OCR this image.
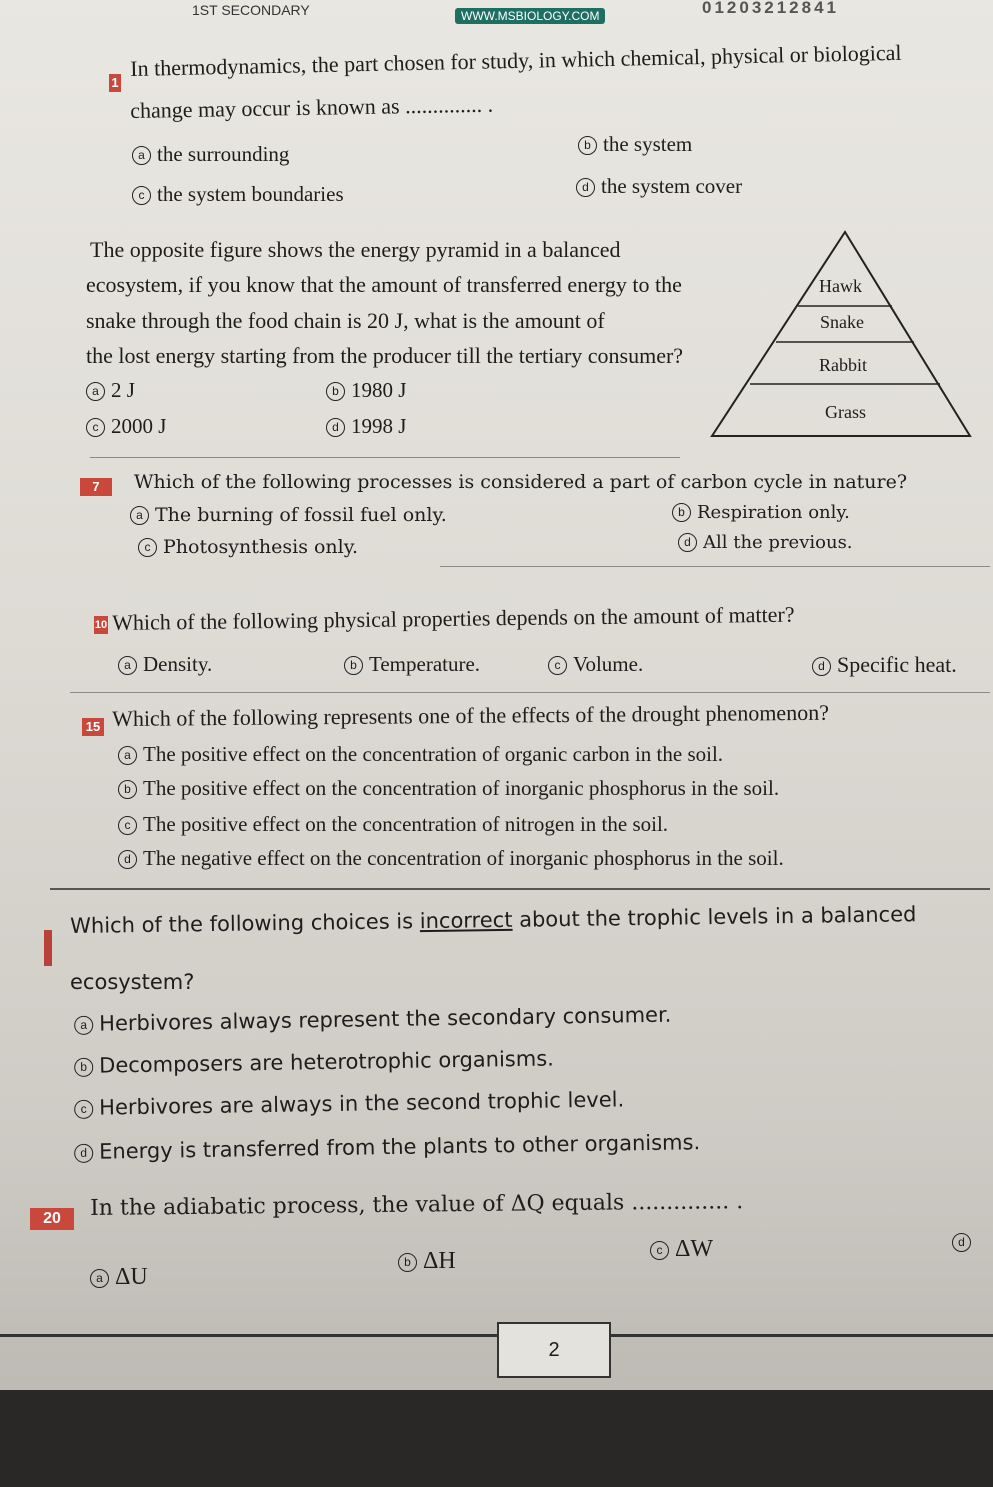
1ST SECONDARY	WWW.MSBIOLOGY.COM	01203212841
1
In thermodynamics, the part chosen for study, in which chemical, physical or biological
change may occur is known as .............. .
a the surrounding	b the system
c the system boundaries	d the system cover
The opposite figure shows the energy pyramid in a balanced
ecosystem, if you know that the amount of transferred energy to the
snake through the food chain is 20 J, what is the amount of
the lost energy starting from the producer till the tertiary consumer?
a 2 J	b 1980 J
c 2000 J	d 1998 J
Hawk
Snake
Rabbit
Grass
7	Which of the following processes is considered a part of carbon cycle in nature?
a The burning of fossil fuel only.	b Respiration only.
c Photosynthesis only.	d All the previous.
10 Which of the following physical properties depends on the amount of matter?
a Density.	b Temperature.	c Volume.	d Specific heat.
15 Which of the following represents one of the effects of the drought phenomenon?
a The positive effect on the concentration of organic carbon in the soil.
b The positive effect on the concentration of inorganic phosphorus in the soil.
c The positive effect on the concentration of nitrogen in the soil.
d The negative effect on the concentration of inorganic phosphorus in the soil.
Which of the following choices is incorrect about the trophic levels in a balanced
ecosystem?
a Herbivores always represent the secondary consumer.
b Decomposers are heterotrophic organisms.
c Herbivores are always in the second trophic level.
d Energy is transferred from the plants to other organisms.
20	In the adiabatic process, the value of ΔQ equals .............. .
a ΔU
b ΔH	c ΔW	d
2
